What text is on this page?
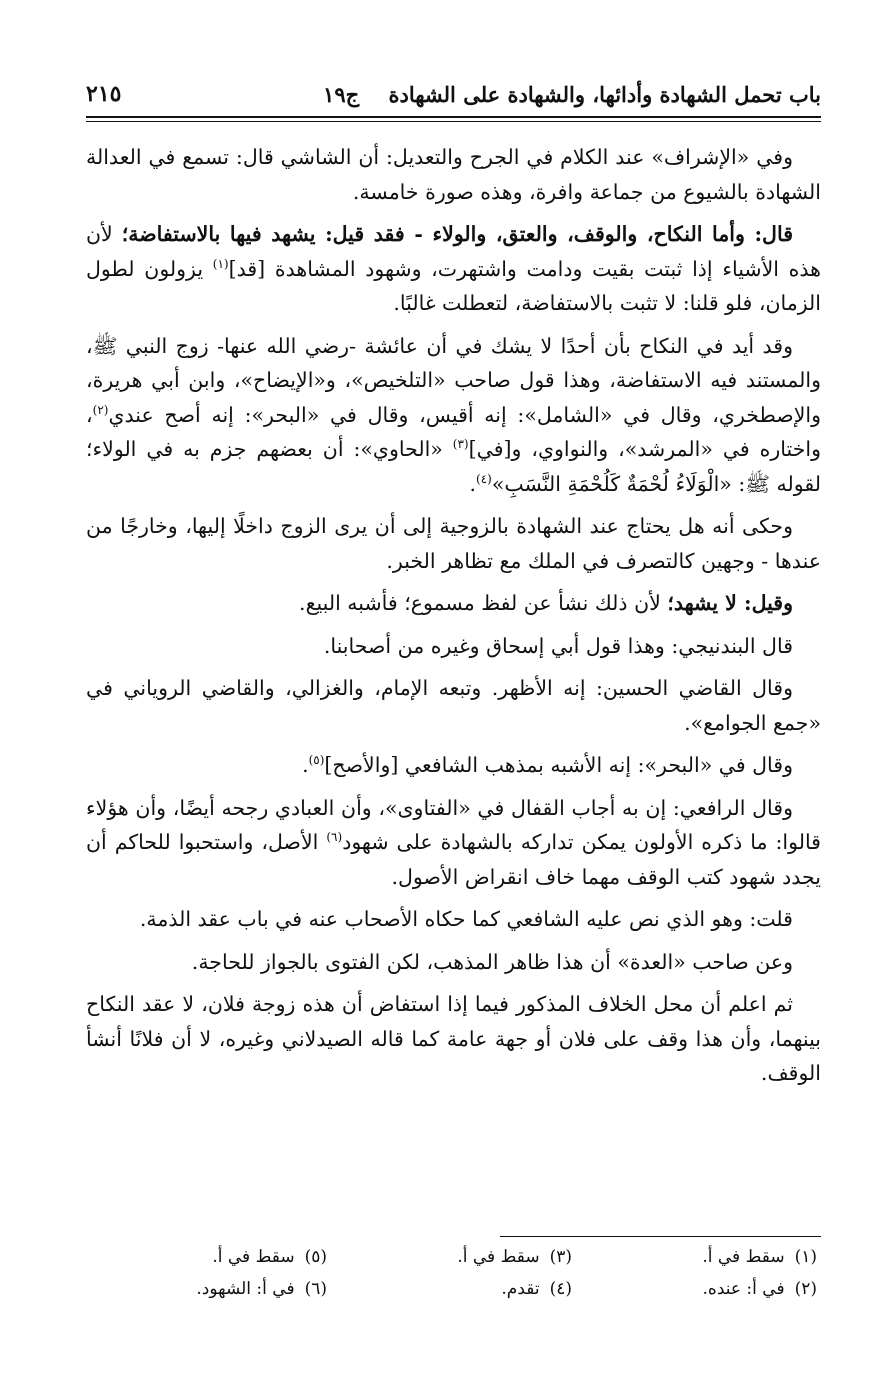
باب تحمل الشهادة وأدائها، والشهادة على الشهادة ج١٩
٢١٥

وفي «الإشراف» عند الكلام في الجرح والتعديل: أن الشاشي قال: تسمع في العدالة الشهادة بالشيوع من جماعة وافرة، وهذه صورة خامسة.

قال: وأما النكاح، والوقف، والعتق، والولاء - فقد قيل: يشهد فيها بالاستفاضة؛ لأن هذه الأشياء إذا ثبتت بقيت ودامت واشتهرت، وشهود المشاهدة [قد]$^{(١)}$ يزولون لطول الزمان، فلو قلنا: لا تثبت بالاستفاضة، لتعطلت غالبًا.

وقد أيد في النكاح بأن أحدًا لا يشك في أن عائشة -رضي الله عنها- زوج النبي ﷺ، والمستند فيه الاستفاضة، وهذا قول صاحب «التلخيص»، و«الإيضاح»، وابن أبي هريرة، والإصطخري، وقال في «الشامل»: إنه أقيس، وقال في «البحر»: إنه أصح عندي$^{(٢)}$، واختاره في «المرشد»، والنواوي، و[في]$^{(٣)}$ «الحاوي»: أن بعضهم جزم به في الولاء؛ لقوله ﷺ: «الْوَلَاءُ لُحْمَةٌ كَلُحْمَةِ النَّسَبِ»$^{(٤)}$.

وحكى أنه هل يحتاج عند الشهادة بالزوجية إلى أن يرى الزوج داخلًا إليها، وخارجًا من عندها - وجهين كالتصرف في الملك مع تظاهر الخبر.

وقيل: لا يشهد؛ لأن ذلك نشأ عن لفظ مسموع؛ فأشبه البيع.

قال البندنيجي: وهذا قول أبي إسحاق وغيره من أصحابنا.

وقال القاضي الحسين: إنه الأظهر. وتبعه الإمام، والغزالي، والقاضي الروياني في «جمع الجوامع».

وقال في «البحر»: إنه الأشبه بمذهب الشافعي [والأصح]$^{(٥)}$.

وقال الرافعي: إن به أجاب القفال في «الفتاوى»، وأن العبادي رجحه أيضًا، وأن هؤلاء قالوا: ما ذكره الأولون يمكن تداركه بالشهادة على شهود$^{(٦)}$ الأصل، واستحبوا للحاكم أن يجدد شهود كتب الوقف مهما خاف انقراض الأصول.

قلت: وهو الذي نص عليه الشافعي كما حكاه الأصحاب عنه في باب عقد الذمة.

وعن صاحب «العدة» أن هذا ظاهر المذهب، لكن الفتوى بالجواز للحاجة.

ثم اعلم أن محل الخلاف المذكور فيما إذا استفاض أن هذه زوجة فلان، لا عقد النكاح بينهما، وأن هذا وقف على فلان أو جهة عامة كما قاله الصيدلاني وغيره، لا أن فلانًا أنشأ الوقف.

(١)سقط في أ.
(٣)سقط في أ.
(٥)سقط في أ.
(٢)في أ: عنده.
(٤)تقدم.
(٦)في أ: الشهود.
